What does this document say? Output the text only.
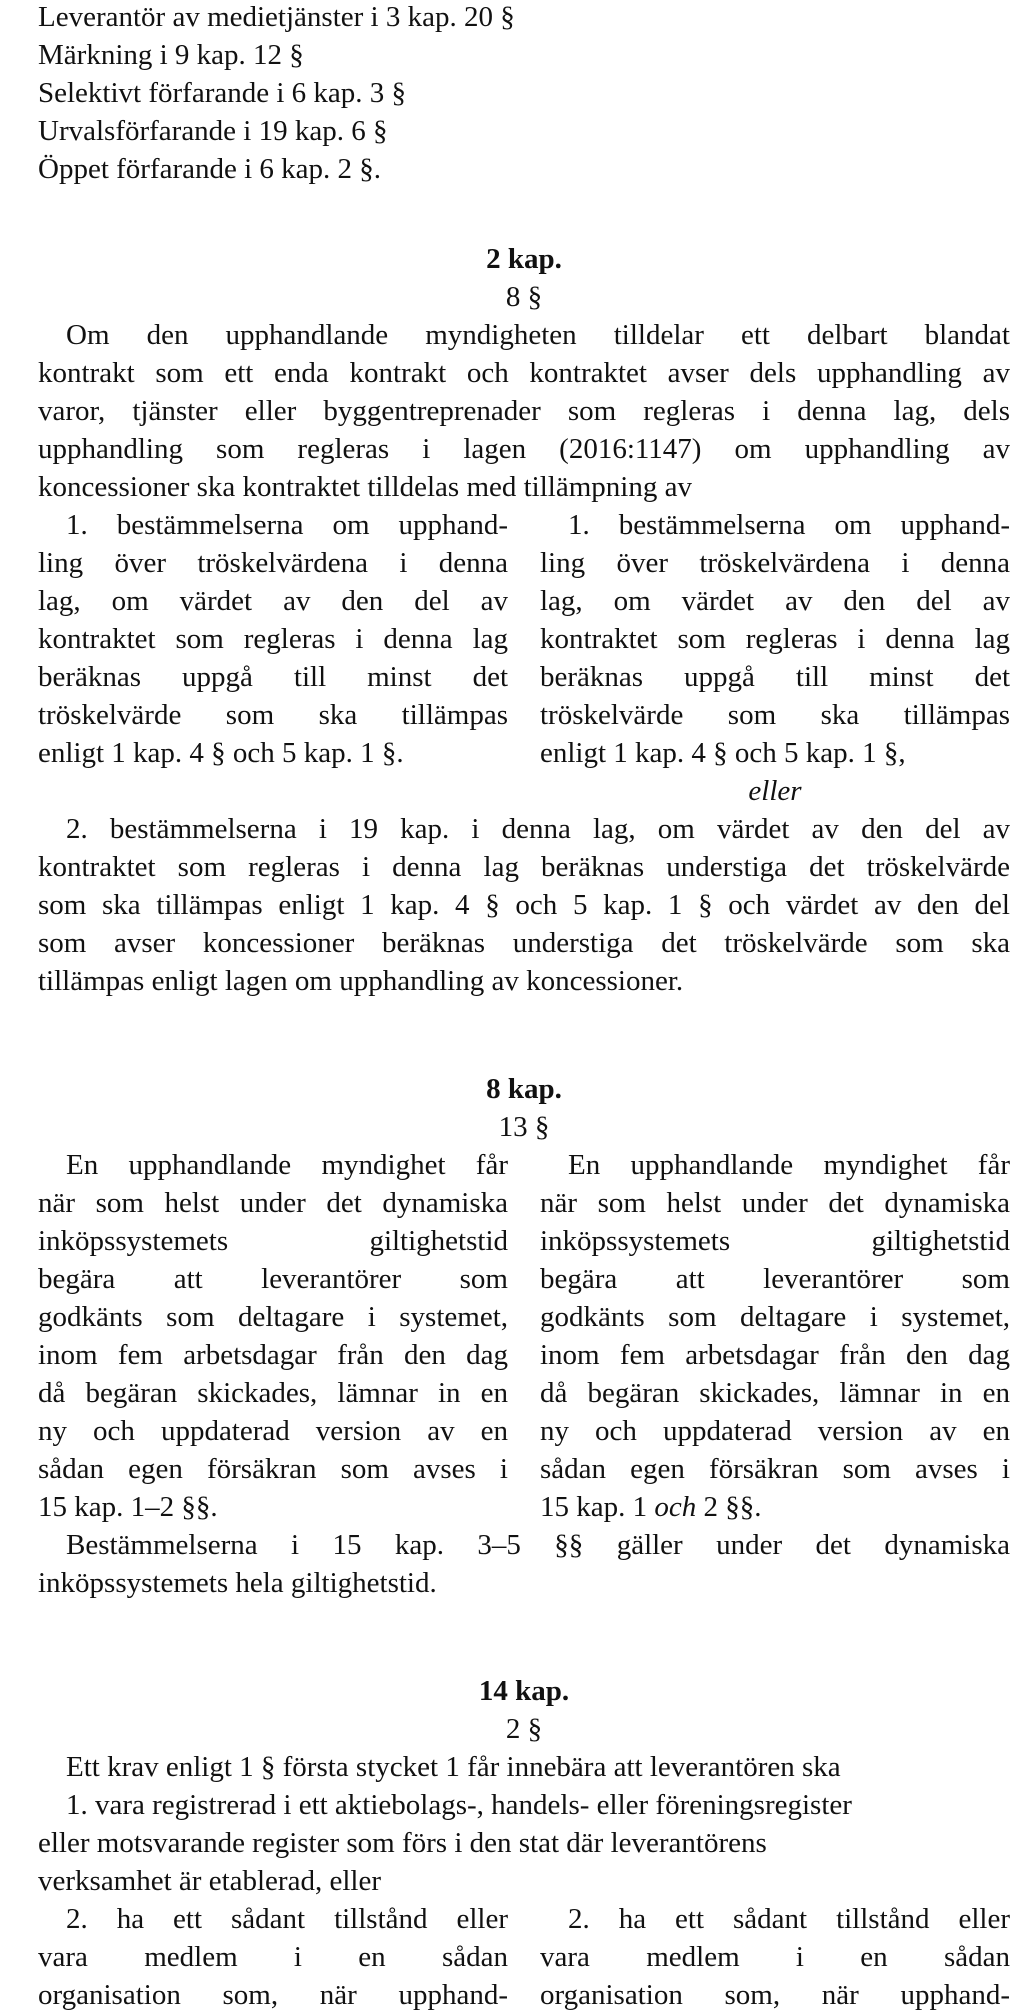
Leverantör av medietjänster i 3 kap. 20 §
Märkning i 9 kap. 12 §
Selektivt förfarande i 6 kap. 3 §
Urvalsförfarande i 19 kap. 6 §
Öppet förfarande i 6 kap. 2 §.
2 kap.
8 §
Om den upphandlande myndigheten tilldelar ett delbart blandat
kontrakt som ett enda kontrakt och kontraktet avser dels upphandling av
varor, tjänster eller byggentreprenader som regleras i denna lag, dels
upphandling som regleras i lagen (2016:1147) om upphandling av
koncessioner ska kontraktet tilldelas med tillämpning av
1. bestämmelserna om upphand-
ling över tröskelvärdena i denna
lag, om värdet av den del av
kontraktet som regleras i denna lag
beräknas uppgå till minst det
tröskelvärde som ska tillämpas
enligt 1 kap. 4 § och 5 kap. 1 §.
1. bestämmelserna om upphand-
ling över tröskelvärdena i denna
lag, om värdet av den del av
kontraktet som regleras i denna lag
beräknas uppgå till minst det
tröskelvärde som ska tillämpas
enligt 1 kap. 4 § och 5 kap. 1 §,
eller
2. bestämmelserna i 19 kap. i denna lag, om värdet av den del av
kontraktet som regleras i denna lag beräknas understiga det tröskelvärde
som ska tillämpas enligt 1 kap. 4 § och 5 kap. 1 § och värdet av den del
som avser koncessioner beräknas understiga det tröskelvärde som ska
tillämpas enligt lagen om upphandling av koncessioner.
8 kap.
13 §
En upphandlande myndighet får
när som helst under det dynamiska
inköpssystemets giltighetstid
begära att leverantörer som
godkänts som deltagare i systemet,
inom fem arbetsdagar från den dag
då begäran skickades, lämnar in en
ny och uppdaterad version av en
sådan egen försäkran som avses i
15 kap. 1–2 §§.
En upphandlande myndighet får
när som helst under det dynamiska
inköpssystemets giltighetstid
begära att leverantörer som
godkänts som deltagare i systemet,
inom fem arbetsdagar från den dag
då begäran skickades, lämnar in en
ny och uppdaterad version av en
sådan egen försäkran som avses i
15 kap. 1 och 2 §§.
Bestämmelserna i 15 kap. 3–5 §§ gäller under det dynamiska
inköpssystemets hela giltighetstid.
14 kap.
2 §
Ett krav enligt 1 § första stycket 1 får innebära att leverantören ska
1. vara registrerad i ett aktiebolags-, handels- eller föreningsregister
eller motsvarande register som förs i den stat där leverantörens
verksamhet är etablerad, eller
2. ha ett sådant tillstånd eller
vara medlem i en sådan
organisation som, när upphand-
2. ha ett sådant tillstånd eller
vara medlem i en sådan
organisation som, när upphand-
